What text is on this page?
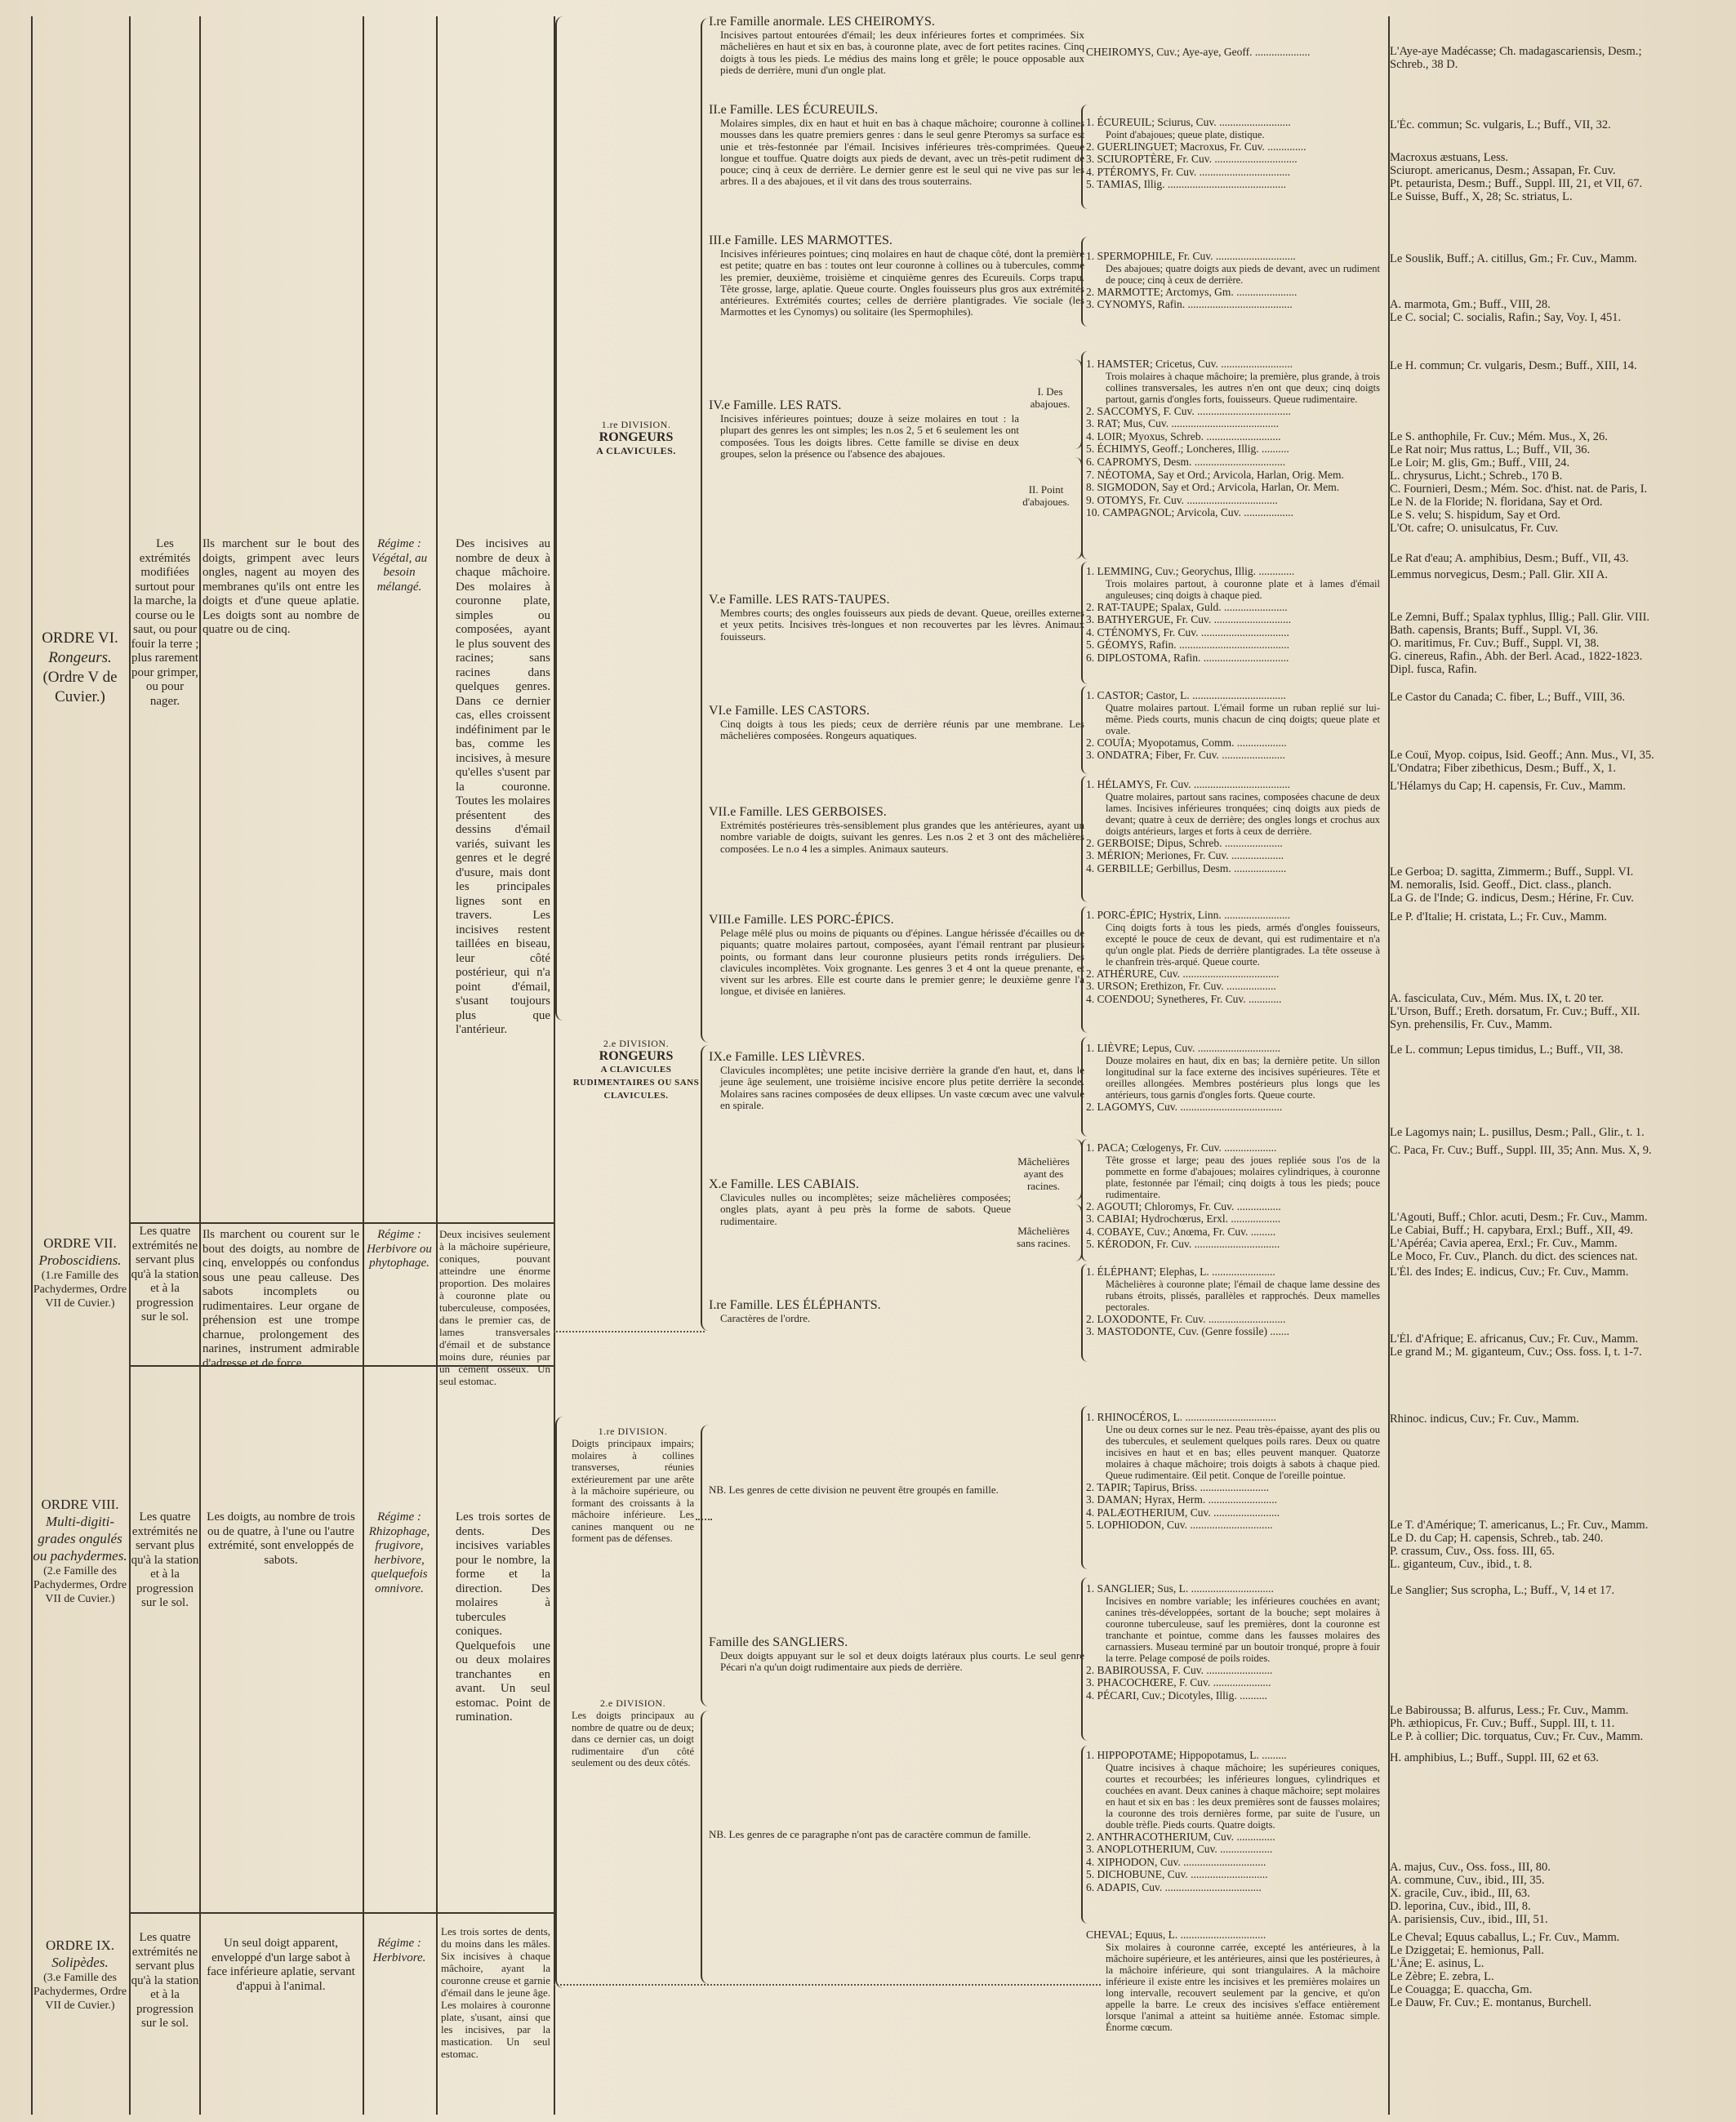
ORDRE VI.
Rongeurs.
(Ordre V de Cuvier.)
Les extrémités modifiées surtout pour la marche, la course ou le saut, ou pour fouir la terre ; plus rarement pour grimper, ou pour nager.
Ils marchent sur le bout des doigts, grimpent avec leurs ongles, nagent au moyen des membranes qu'ils ont entre les doigts et d'une queue aplatie. Les doigts sont au nombre de quatre ou de cinq.
Régime : Végétal, au besoin mélangé.
Des incisives au nombre de deux à chaque mâchoire. Des molaires à couronne plate, simples ou composées, ayant le plus souvent des racines; sans racines dans quelques genres. Dans ce dernier cas, elles croissent indéfiniment par le bas, comme les incisives, à mesure qu'elles s'usent par la couronne. Toutes les molaires présentent des dessins d'émail variés, suivant les genres et le degré d'usure, mais dont les principales lignes sont en travers. Les incisives restent taillées en biseau, leur côté postérieur, qui n'a point d'émail, s'usant toujours plus que l'antérieur.
ORDRE VII.
Proboscidiens.
(1.re Famille des Pachydermes, Ordre VII de Cuvier.)
Les quatre extrémités ne servant plus qu'à la station et à la progression sur le sol.
Ils marchent ou courent sur le bout des doigts, au nombre de cinq, enveloppés ou confondus sous une peau calleuse. Des sabots incomplets ou rudimentaires. Leur organe de préhension est une trompe charnue, prolongement des narines, instrument admirable d'adresse et de force.
Régime : Herbivore ou phytophage.
Deux incisives seulement à la mâchoire supérieure, coniques, pouvant atteindre une énorme proportion. Des molaires à couronne plate ou tuberculeuse, composées, dans le premier cas, de lames transversales d'émail et de substance moins dure, réunies par un cément osseux. Un seul estomac.
ORDRE VIII.
Multi-digiti-grades ongulés ou pachydermes.
(2.e Famille des Pachydermes, Ordre VII de Cuvier.)
Les quatre extrémités ne servant plus qu'à la station et à la progression sur le sol.
Les doigts, au nombre de trois ou de quatre, à l'une ou l'autre extrémité, sont enveloppés de sabots.
Régime : Rhizophage, frugivore, herbivore, quelquefois omnivore.
Les trois sortes de dents. Des incisives variables pour le nombre, la forme et la direction. Des molaires à tubercules coniques. Quelquefois une ou deux molaires tranchantes en avant. Un seul estomac. Point de rumination.
ORDRE IX.
Solipèdes.
(3.e Famille des Pachydermes, Ordre VII de Cuvier.)
Les quatre extrémités ne servant plus qu'à la station et à la progression sur le sol.
Un seul doigt apparent, enveloppé d'un large sabot à face inférieure aplatie, servant d'appui à l'animal.
Régime : Herbivore.
Les trois sortes de dents, du moins dans les mâles. Six incisives à chaque mâchoire, ayant la couronne creuse et garnie d'émail dans le jeune âge. Les molaires à couronne plate, s'usant, ainsi que les incisives, par la mastication. Un seul estomac.
1.re DIVISION.
RONGEURS
A CLAVICULES.
2.e DIVISION.
RONGEURS
A CLAVICULES RUDIMENTAIRES OU SANS CLAVICULES.
1.re DIVISION.
Doigts principaux impairs; molaires à collines transverses, réunies extérieurement par une arête à la mâchoire supérieure, ou formant des croissants à la mâchoire inférieure. Les canines manquent ou ne forment pas de défenses.
2.e DIVISION.
Les doigts principaux au nombre de quatre ou de deux; dans ce dernier cas, un doigt rudimentaire d'un côté seulement ou des deux côtés.
I.re Famille anormale. LES CHEIROMYS.
Incisives partout entourées d'émail; les deux inférieures fortes et comprimées. Six mâchelières en haut et six en bas, à couronne plate, avec de fort petites racines. Cinq doigts à tous les pieds. Le médius des mains long et grêle; le pouce opposable aux pieds de derrière, muni d'un ongle plat.
II.e Famille. LES ÉCUREUILS.
Molaires simples, dix en haut et huit en bas à chaque mâchoire; couronne à collines mousses dans les quatre premiers genres : dans le seul genre Pteromys sa surface est unie et très-festonnée par l'émail. Incisives inférieures très-comprimées. Queue longue et touffue. Quatre doigts aux pieds de devant, avec un très-petit rudiment de pouce; cinq à ceux de derrière. Le dernier genre est le seul qui ne vive pas sur les arbres. Il a des abajoues, et il vit dans des trous souterrains.
III.e Famille. LES MARMOTTES.
Incisives inférieures pointues; cinq molaires en haut de chaque côté, dont la première est petite; quatre en bas : toutes ont leur couronne à collines ou à tubercules, comme les premier, deuxième, troisième et cinquième genres des Ecureuils. Corps trapu. Tête grosse, large, aplatie. Queue courte. Ongles fouisseurs plus gros aux extrémités antérieures. Extrémités courtes; celles de derrière plantigrades. Vie sociale (les Marmottes et les Cynomys) ou solitaire (les Spermophiles).
IV.e Famille. LES RATS.
Incisives inférieures pointues; douze à seize molaires en tout : la plupart des genres les ont simples; les n.os 2, 5 et 6 seulement les ont composées. Tous les doigts libres. Cette famille se divise en deux groupes, selon la présence ou l'absence des abajoues.
I. Des abajoues.
II. Point d'abajoues.
V.e Famille. LES RATS-TAUPES.
Membres courts; des ongles fouisseurs aux pieds de devant. Queue, oreilles externes et yeux petits. Incisives très-longues et non recouvertes par les lèvres. Animaux fouisseurs.
VI.e Famille. LES CASTORS.
Cinq doigts à tous les pieds; ceux de derrière réunis par une membrane. Les mâchelières composées. Rongeurs aquatiques.
VII.e Famille. LES GERBOISES.
Extrémités postérieures très-sensiblement plus grandes que les antérieures, ayant un nombre variable de doigts, suivant les genres. Les n.os 2 et 3 ont des mâchelières composées. Le n.o 4 les a simples. Animaux sauteurs.
VIII.e Famille. LES PORC-ÉPICS.
Pelage mêlé plus ou moins de piquants ou d'épines. Langue hérissée d'écailles ou de piquants; quatre molaires partout, composées, ayant l'émail rentrant par plusieurs points, ou formant dans leur couronne plusieurs petits ronds irréguliers. Des clavicules incomplètes. Voix grognante. Les genres 3 et 4 ont la queue prenante, et vivent sur les arbres. Elle est courte dans le premier genre; le deuxième genre l'a longue, et divisée en lanières.
IX.e Famille. LES LIÈVRES.
Clavicules incomplètes; une petite incisive derrière la grande d'en haut, et, dans le jeune âge seulement, une troisième incisive encore plus petite derrière la seconde. Molaires sans racines composées de deux ellipses. Un vaste cœcum avec une valvule en spirale.
X.e Famille. LES CABIAIS.
Clavicules nulles ou incomplètes; seize mâchelières composées; ongles plats, ayant à peu près la forme de sabots. Queue rudimentaire.
Mâchelières ayant des racines.
Mâchelières sans racines.
I.re Famille. LES ÉLÉPHANTS.
Caractères de l'ordre.
NB. Les genres de cette division ne peuvent être groupés en famille.
Famille des SANGLIERS.
Deux doigts appuyant sur le sol et deux doigts latéraux plus courts. Le seul genre Pécari n'a qu'un doigt rudimentaire aux pieds de derrière.
NB. Les genres de ce paragraphe n'ont pas de caractère commun de famille.
CHEIROMYS, Cuv.; Aye-aye, Geoff. ....................
1. ÉCUREUIL; Sciurus, Cuv. ..........................
Point d'abajoues; queue plate, distique.
2. GUERLINGUET; Macroxus, Fr. Cuv. ..............
3. SCIUROPTÈRE, Fr. Cuv. ..............................
4. PTÉROMYS, Fr. Cuv. .................................
5. TAMIAS, Illig. ...........................................
1. SPERMOPHILE, Fr. Cuv. .............................
Des abajoues; quatre doigts aux pieds de devant, avec un rudiment de pouce; cinq à ceux de derrière.
2. MARMOTTE; Arctomys, Gm. ......................
3. CYNOMYS, Rafin. ......................................
1. HAMSTER; Cricetus, Cuv. ..........................
Trois molaires à chaque mâchoire; la première, plus grande, à trois collines transversales, les autres n'en ont que deux; cinq doigts partout, garnis d'ongles forts, fouisseurs. Queue rudimentaire.
2. SACCOMYS, F. Cuv. ..................................
3. RAT; Mus, Cuv. .......................................
4. LOIR; Myoxus, Schreb. ...........................
5. ÉCHIMYS, Geoff.; Loncheres, Illig. ..........
6. CAPROMYS, Desm. .................................
7. NÉOTOMA, Say et Ord.; Arvicola, Harlan, Orig. Mem.
8. SIGMODON, Say et Ord.; Arvicola, Harlan, Or. Mem.
9. OTOMYS, Fr. Cuv. .................................
10. CAMPAGNOL; Arvicola, Cuv. ..................
1. LEMMING, Cuv.; Georychus, Illig. .............
Trois molaires partout, à couronne plate et à lames d'émail anguleuses; cinq doigts à chaque pied.
2. RAT-TAUPE; Spalax, Guld. .......................
3. BATHYERGUE, Fr. Cuv. ............................
4. CTÉNOMYS, Fr. Cuv. ................................
5. GÉOMYS, Rafin. ........................................
6. DIPLOSTOMA, Rafin. ...............................
1. CASTOR; Castor, L. ..................................
Quatre molaires partout. L'émail forme un ruban replié sur lui-même. Pieds courts, munis chacun de cinq doigts; queue plate et ovale.
2. COUÏA; Myopotamus, Comm. ..................
3. ONDATRA; Fiber, Fr. Cuv. .......................
1. HÉLAMYS, Fr. Cuv. ...................................
Quatre molaires, partout sans racines, composées chacune de deux lames. Incisives inférieures tronquées; cinq doigts aux pieds de devant; quatre à ceux de derrière; des ongles longs et crochus aux doigts antérieurs, larges et forts à ceux de derrière.
2. GERBOISE; Dipus, Schreb. .....................
3. MÉRION; Meriones, Fr. Cuv. ...................
4. GERBILLE; Gerbillus, Desm. ...................
1. PORC-ÉPIC; Hystrix, Linn. ........................
Cinq doigts forts à tous les pieds, armés d'ongles fouisseurs, excepté le pouce de ceux de devant, qui est rudimentaire et n'a qu'un ongle plat. Pieds de derrière plantigrades. La tête osseuse à le chanfrein très-arqué. Queue courte.
2. ATHÉRURE, Cuv. ...................................
3. URSON; Erethizon, Fr. Cuv. ..................
4. COENDOU; Synetheres, Fr. Cuv. ............
1. LIÈVRE; Lepus, Cuv. ..............................
Douze molaires en haut, dix en bas; la dernière petite. Un sillon longitudinal sur la face externe des incisives supérieures. Tête et oreilles allongées. Membres postérieurs plus longs que les antérieurs, tous garnis d'ongles forts. Queue courte.
2. LAGOMYS, Cuv. .....................................
1. PACA; Cœlogenys, Fr. Cuv. ...................
Tête grosse et large; peau des joues repliée sous l'os de la pommette en forme d'abajoues; molaires cylindriques, à couronne plate, festonnée par l'émail; cinq doigts à tous les pieds; pouce rudimentaire.
2. AGOUTI; Chloromys, Fr. Cuv. ................
3. CABIAI; Hydrochœrus, Erxl. ..................
4. COBAYE, Cuv.; Anœma, Fr. Cuv. .........
5. KÉRODON, Fr. Cuv. ...............................
1. ÉLÉPHANT; Elephas, L. .......................
Mâchelières à couronne plate; l'émail de chaque lame dessine des rubans étroits, plissés, parallèles et rapprochés. Deux mamelles pectorales.
2. LOXODONTE, Fr. Cuv. ............................
3. MASTODONTE, Cuv. (Genre fossile) .......
1. RHINOCÉROS, L. .................................
Une ou deux cornes sur le nez. Peau très-épaisse, ayant des plis ou des tubercules, et seulement quelques poils rares. Deux ou quatre incisives en haut et en bas; elles peuvent manquer. Quatorze molaires à chaque mâchoire; trois doigts à sabots à chaque pied. Queue rudimentaire. Œil petit. Conque de l'oreille pointue.
2. TAPIR; Tapirus, Briss. .........................
3. DAMAN; Hyrax, Herm. .........................
4. PALÆOTHERIUM, Cuv. ........................
5. LOPHIODON, Cuv. ..............................
1. SANGLIER; Sus, L. ..............................
Incisives en nombre variable; les inférieures couchées en avant; canines très-développées, sortant de la bouche; sept molaires à couronne tuberculeuse, sauf les premières, dont la couronne est tranchante et pointue, comme dans les fausses molaires des carnassiers. Museau terminé par un boutoir tronqué, propre à fouir la terre. Pelage composé de poils roides.
2. BABIROUSSA, F. Cuv. ........................
3. PHACOCHŒRE, F. Cuv. .....................
4. PÉCARI, Cuv.; Dicotyles, Illig. ..........
1. HIPPOPOTAME; Hippopotamus, L. .........
Quatre incisives à chaque mâchoire; les supérieures coniques, courtes et recourbées; les inférieures longues, cylindriques et couchées en avant. Deux canines à chaque mâchoire; sept molaires en haut et six en bas : les deux premières sont de fausses molaires; la couronne des trois dernières forme, par suite de l'usure, un double trèfle. Pieds courts. Quatre doigts.
2. ANTHRACOTHERIUM, Cuv. ..............
3. ANOPLOTHERIUM, Cuv. ...................
4. XIPHODON, Cuv. ..............................
5. DICHOBUNE, Cuv. ............................
6. ADAPIS, Cuv. ...................................
CHEVAL; Equus, L. ...............................
Six molaires à couronne carrée, excepté les antérieures, à la mâchoire supérieure, et les antérieures, ainsi que les postérieures, à la mâchoire inférieure, qui sont triangulaires. A la mâchoire inférieure il existe entre les incisives et les premières molaires un long intervalle, recouvert seulement par la gencive, et qu'on appelle la barre. Le creux des incisives s'efface entièrement lorsque l'animal a atteint sa huitième année. Estomac simple. Énorme cœcum.
L'Aye-aye Madécasse; Ch. madagascariensis, Desm.;
Schreb., 38 D.
L'Éc. commun; Sc. vulgaris, L.; Buff., VII, 32.
Macroxus æstuans, Less.
Sciuropt. americanus, Desm.; Assapan, Fr. Cuv.
Pt. petaurista, Desm.; Buff., Suppl. III, 21, et VII, 67.
Le Suisse, Buff., X, 28; Sc. striatus, L.
Le Souslik, Buff.; A. citillus, Gm.; Fr. Cuv., Mamm.
A. marmota, Gm.; Buff., VIII, 28.
Le C. social; C. socialis, Rafin.; Say, Voy. I, 451.
Le H. commun; Cr. vulgaris, Desm.; Buff., XIII, 14.
Le S. anthophile, Fr. Cuv.; Mém. Mus., X, 26.
Le Rat noir; Mus rattus, L.; Buff., VII, 36.
Le Loir; M. glis, Gm.; Buff., VIII, 24.
L. chrysurus, Licht.; Schreb., 170 B.
C. Fournieri, Desm.; Mém. Soc. d'hist. nat. de Paris, I.
Le N. de la Floride; N. floridana, Say et Ord.
Le S. velu; S. hispidum, Say et Ord.
L'Ot. cafre; O. unisulcatus, Fr. Cuv.
Le Rat d'eau; A. amphibius, Desm.; Buff., VII, 43.
Lemmus norvegicus, Desm.; Pall. Glir. XII A.
Le Zemni, Buff.; Spalax typhlus, Illig.; Pall. Glir. VIII.
Bath. capensis, Brants; Buff., Suppl. VI, 36.
O. maritimus, Fr. Cuv.; Buff., Suppl. VI, 38.
G. cinereus, Rafin., Abh. der Berl. Acad., 1822-1823.
Dipl. fusca, Rafin.
Le Castor du Canada; C. fiber, L.; Buff., VIII, 36.
Le Couï, Myop. coipus, Isid. Geoff.; Ann. Mus., VI, 35.
L'Ondatra; Fiber zibethicus, Desm.; Buff., X, 1.
L'Hélamys du Cap; H. capensis, Fr. Cuv., Mamm.
Le Gerboa; D. sagitta, Zimmerm.; Buff., Suppl. VI.
M. nemoralis, Isid. Geoff., Dict. class., planch.
La G. de l'Inde; G. indicus, Desm.; Hérine, Fr. Cuv.
Le P. d'Italie; H. cristata, L.; Fr. Cuv., Mamm.
A. fasciculata, Cuv., Mém. Mus. IX, t. 20 ter.
L'Urson, Buff.; Ereth. dorsatum, Fr. Cuv.; Buff., XII.
Syn. prehensilis, Fr. Cuv., Mamm.
Le L. commun; Lepus timidus, L.; Buff., VII, 38.
Le Lagomys nain; L. pusillus, Desm.; Pall., Glir., t. 1.
C. Paca, Fr. Cuv.; Buff., Suppl. III, 35; Ann. Mus. X, 9.
L'Agouti, Buff.; Chlor. acuti, Desm.; Fr. Cuv., Mamm.
Le Cabiai, Buff.; H. capybara, Erxl.; Buff., XII, 49.
L'Apéréa; Cavia aperea, Erxl.; Fr. Cuv., Mamm.
Le Moco, Fr. Cuv., Planch. du dict. des sciences nat.
L'Él. des Indes; E. indicus, Cuv.; Fr. Cuv., Mamm.
L'Él. d'Afrique; E. africanus, Cuv.; Fr. Cuv., Mamm.
Le grand M.; M. giganteum, Cuv.; Oss. foss. I, t. 1-7.
Rhinoc. indicus, Cuv.; Fr. Cuv., Mamm.
Le T. d'Amérique; T. americanus, L.; Fr. Cuv., Mamm.
Le D. du Cap; H. capensis, Schreb., tab. 240.
P. crassum, Cuv., Oss. foss. III, 65.
L. giganteum, Cuv., ibid., t. 8.
Le Sanglier; Sus scropha, L.; Buff., V, 14 et 17.
Le Babiroussa; B. alfurus, Less.; Fr. Cuv., Mamm.
Ph. æthiopicus, Fr. Cuv.; Buff., Suppl. III, t. 11.
Le P. à collier; Dic. torquatus, Cuv.; Fr. Cuv., Mamm.
H. amphibius, L.; Buff., Suppl. III, 62 et 63.
A. majus, Cuv., Oss. foss., III, 80.
A. commune, Cuv., ibid., III, 35.
X. gracile, Cuv., ibid., III, 63.
D. leporina, Cuv., ibid., III, 8.
A. parisiensis, Cuv., ibid., III, 51.
Le Cheval; Equus caballus, L.; Fr. Cuv., Mamm.
Le Dziggetai; E. hemionus, Pall.
L'Âne; E. asinus, L.
Le Zèbre; E. zebra, L.
Le Couagga; E. quaccha, Gm.
Le Dauw, Fr. Cuv.; E. montanus, Burchell.
